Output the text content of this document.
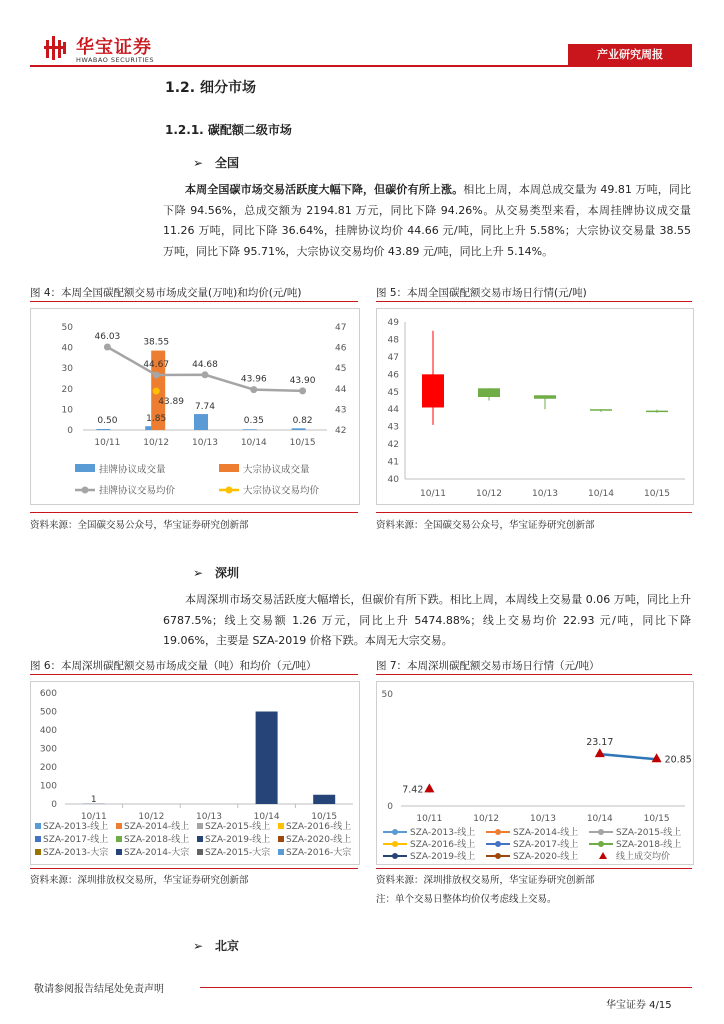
华宝证券
HWABAO SECURITIES	产业研究周报
1.2. 细分市场
1.2.1. 碳配额二级市场
➢ 全国
本周全国碳市场交易活跃度大幅下降，但碳价有所上涨。相比上周，本周总成交量为 49.81 万吨，同比下降 94.56%，总成交额为 2194.81 万元，同比下降 94.26%。从交易类型来看，本周挂牌协议成交量 11.26 万吨，同比下降 36.64%，挂牌协议均价 44.66 元/吨，同比上升 5.58%；大宗协议交易量 38.55 万吨，同比下降 95.71%，大宗协议交易均价 43.89 元/吨，同比上升 5.14%。
图 4：本周全国碳配额交易市场成交量(万吨)和均价(元/吨)
0
10
20
30
40
50
42
43
44
45
46
47
10/11	10/12	10/13	10/14	10/15
0.50	1.85
7.74
0.35	0.82
38.55
46.03
44.67	44.68
43.96	43.90
43.89
挂牌协议成交量	大宗协议成交量
挂牌协议交易均价	大宗协议交易均价
资料来源：全国碳交易公众号，华宝证券研究创新部
图 5：本周全国碳配额交易市场日行情(元/吨)
40
41
42
43
44
45
46
47
48
49
10/11	10/12	10/13	10/14	10/15
资料来源：全国碳交易公众号，华宝证券研究创新部
➢ 深圳
本周深圳市场交易活跃度大幅增长，但碳价有所下跌。相比上周，本周线上交易量 0.06 万吨，同比上升 6787.5%；线上交易额 1.26 万元，同比上升 5474.88%；线上交易均价 22.93 元/吨，同比下降 19.06%，主要是 SZA-2019 价格下跌。本周无大宗交易。
图 6：本周深圳碳配额交易市场成交量（吨）和均价（元/吨）
0
100
200
300
400
500
600
10/11	10/12	10/13	10/14	10/15
1
SZA-2013-线上 SZA-2014-线上 SZA-2015-线上 SZA-2016-线上
SZA-2017-线上 SZA-2018-线上 SZA-2019-线上 SZA-2020-线上
SZA-2013-大宗 SZA-2014-大宗 SZA-2015-大宗 SZA-2016-大宗
资料来源：深圳排放权交易所，华宝证券研究创新部
图 7：本周深圳碳配额交易市场日行情（元/吨）
0
50
10/11	10/12	10/13	10/14	10/15
7.42
23.17
20.85
SZA-2013-线上	SZA-2014-线上	SZA-2015-线上
SZA-2016-线上	SZA-2017-线上	SZA-2018-线上
SZA-2019-线上	SZA-2020-线上	线上成交均价
资料来源：深圳排放权交易所，华宝证券研究创新部
注：单个交易日整体均价仅考虑线上交易。
➢ 北京
敬请参阅报告结尾处免责声明
华宝证券 4/15
